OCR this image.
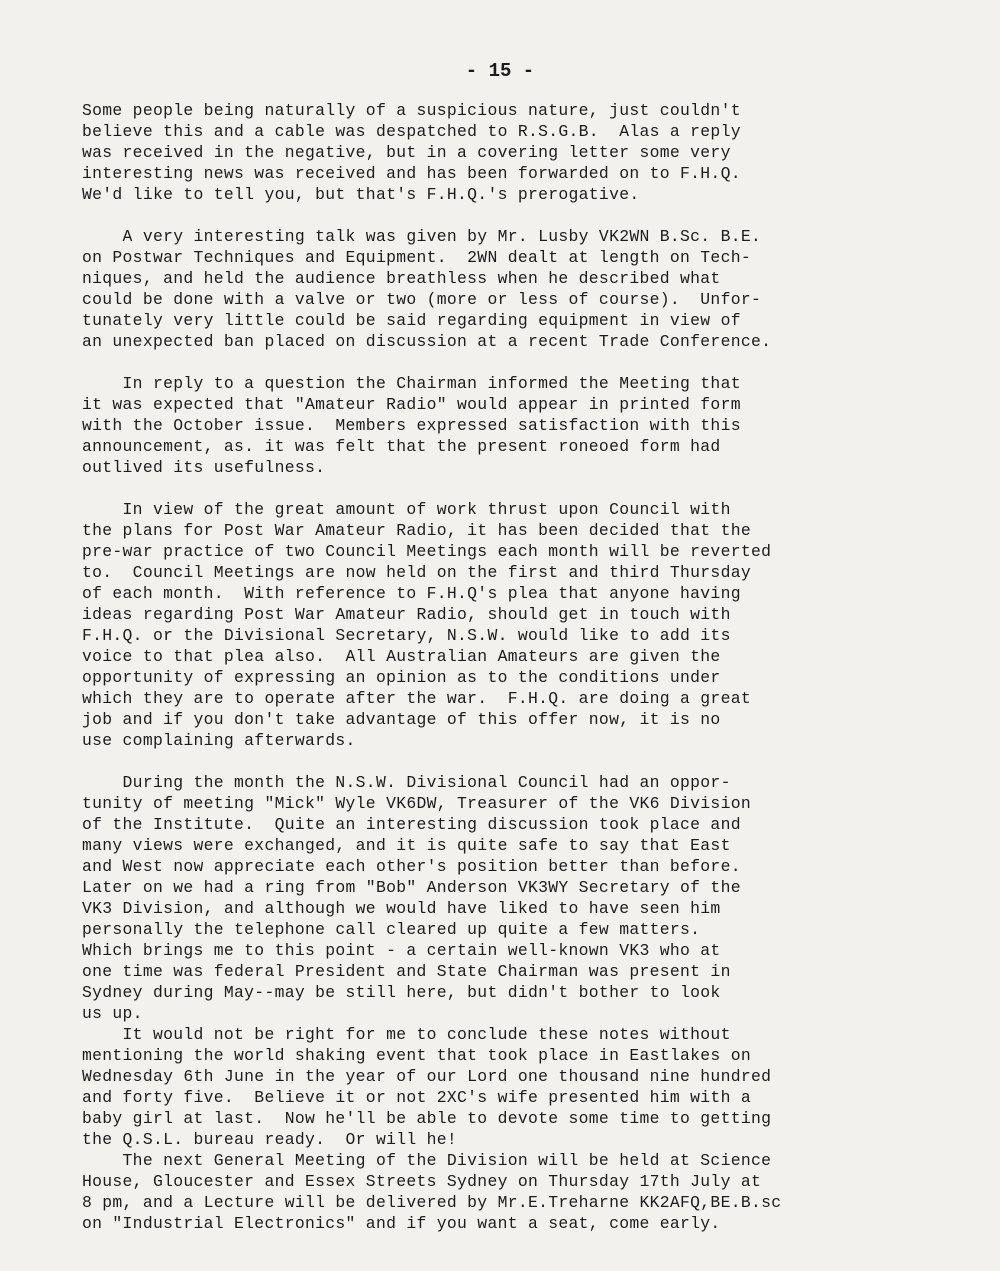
- 15 -
Some people being naturally of a suspicious nature, just couldn't
believe this and a cable was despatched to R.S.G.B.  Alas a reply
was received in the negative, but in a covering letter some very
interesting news was received and has been forwarded on to F.H.Q.
We'd like to tell you, but that's F.H.Q.'s prerogative.
A very interesting talk was given by Mr. Lusby VK2WN B.Sc. B.E.
on Postwar Techniques and Equipment.  2WN dealt at length on Tech-
niques, and held the audience breathless when he described what
could be done with a valve or two (more or less of course).  Unfor-
tunately very little could be said regarding equipment in view of
an unexpected ban placed on discussion at a recent Trade Conference.
In reply to a question the Chairman informed the Meeting that
it was expected that "Amateur Radio" would appear in printed form
with the October issue.  Members expressed satisfaction with this
announcement, as. it was felt that the present roneoed form had
outlived its usefulness.
In view of the great amount of work thrust upon Council with
the plans for Post War Amateur Radio, it has been decided that the
pre-war practice of two Council Meetings each month will be reverted
to.  Council Meetings are now held on the first and third Thursday
of each month.  With reference to F.H.Q's plea that anyone having
ideas regarding Post War Amateur Radio, should get in touch with
F.H.Q. or the Divisional Secretary, N.S.W. would like to add its
voice to that plea also.  All Australian Amateurs are given the
opportunity of expressing an opinion as to the conditions under
which they are to operate after the war.  F.H.Q. are doing a great
job and if you don't take advantage of this offer now, it is no
use complaining afterwards.
During the month the N.S.W. Divisional Council had an oppor-
tunity of meeting "Mick" Wyle VK6DW, Treasurer of the VK6 Division
of the Institute.  Quite an interesting discussion took place and
many views were exchanged, and it is quite safe to say that East
and West now appreciate each other's position better than before.
Later on we had a ring from "Bob" Anderson VK3WY Secretary of the
VK3 Division, and although we would have liked to have seen him
personally the telephone call cleared up quite a few matters.
Which brings me to this point - a certain well-known VK3 who at
one time was federal President and State Chairman was present in
Sydney during May--may be still here, but didn't bother to look
us up.
It would not be right for me to conclude these notes without
mentioning the world shaking event that took place in Eastlakes on
Wednesday 6th June in the year of our Lord one thousand nine hundred
and forty five.  Believe it or not 2XC's wife presented him with a
baby girl at last.  Now he'll be able to devote some time to getting
the Q.S.L. bureau ready.  Or will he!
The next General Meeting of the Division will be held at Science
House, Gloucester and Essex Streets Sydney on Thursday 17th July at
8 pm, and a Lecture will be delivered by Mr.E.Treharne KK2AFQ,BE.B.sc
on "Industrial Electronics" and if you want a seat, come early.
